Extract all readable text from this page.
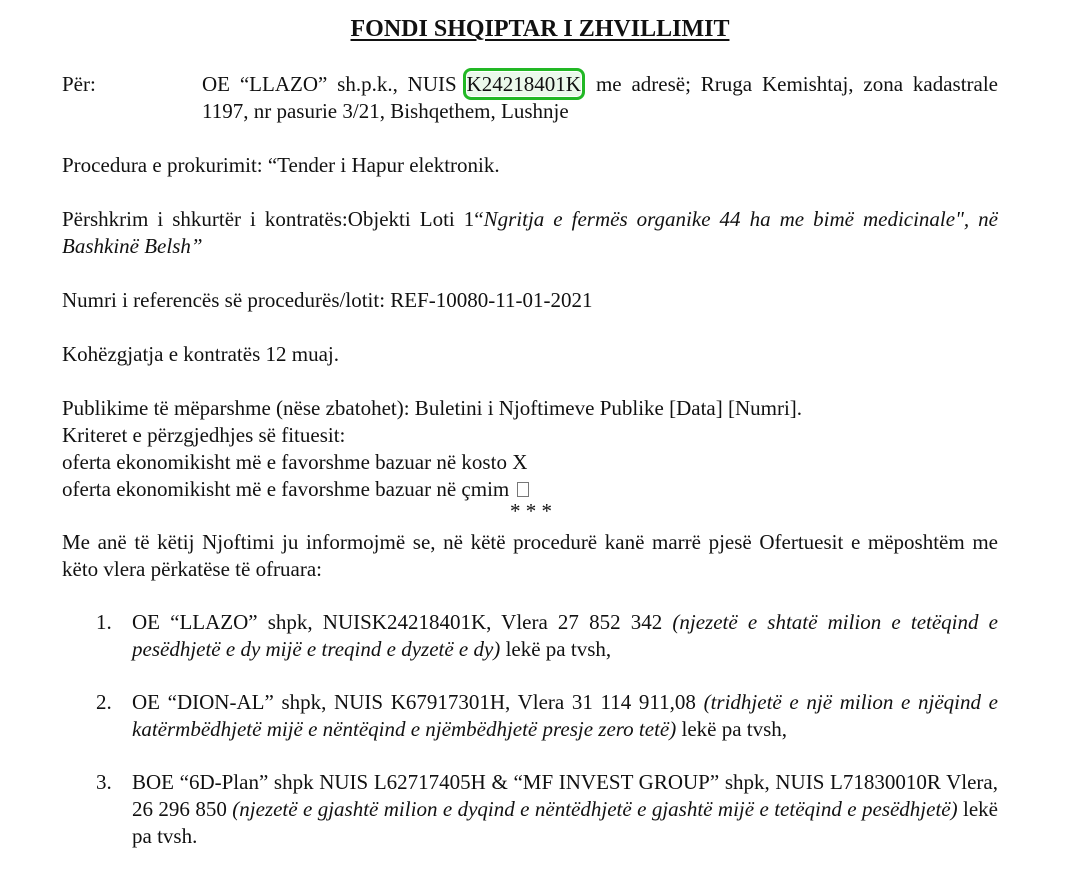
FONDI SHQIPTAR I ZHVILLIMIT
Për:	OE “LLAZO” sh.p.k., NUIS K24218401K, me adresë; Rruga Kemishtaj, zona kadastrale 1197, nr pasurie 3/21, Bishqethem, Lushnje
Procedura e prokurimit: “Tender i Hapur elektronik.
Përshkrim i shkurtër i kontratës:Objekti Loti 1“Ngritja e fermës organike 44 ha me bimë medicinale", në Bashkinë Belsh”
Numri i referencës së procedurës/lotit: REF-10080-11-01-2021
Kohëzgjatja e kontratës 12 muaj.
Publikime të mëparshme (nëse zbatohet): Buletini i Njoftimeve Publike [Data] [Numri].
Kriteret e përzgjedhjes së fituesit:
oferta ekonomikisht më e favorshme bazuar në kosto X
oferta ekonomikisht më e favorshme bazuar në çmim
* * *
Me anë të këtij Njoftimi ju informojmë se, në këtë procedurë kanë marrë pjesë Ofertuesit e mëposhtëm me këto vlera përkatëse të ofruara:
1. OE “LLAZO” shpk, NUISK24218401K, Vlera 27 852 342 (njezetë e shtatë milion e tetëqind e pesëdhjetë e dy mijë e treqind e dyzetë e dy) lekë pa tvsh,
2. OE “DION-AL” shpk, NUIS K67917301H, Vlera 31 114 911,08 (tridhjetë e një milion e njëqind e katërmbëdhjetë mijë e nëntëqind e njëmbëdhjetë presje zero tetë) lekë pa tvsh,
3. BOE “6D-Plan” shpk NUIS L62717405H & “MF INVEST GROUP” shpk, NUIS L71830010R Vlera, 26 296 850 (njezetë e gjashtë milion e dyqind e nëntëdhjetë e gjashtë mijë e tetëqind e pesëdhjetë) lekë pa tvsh.
